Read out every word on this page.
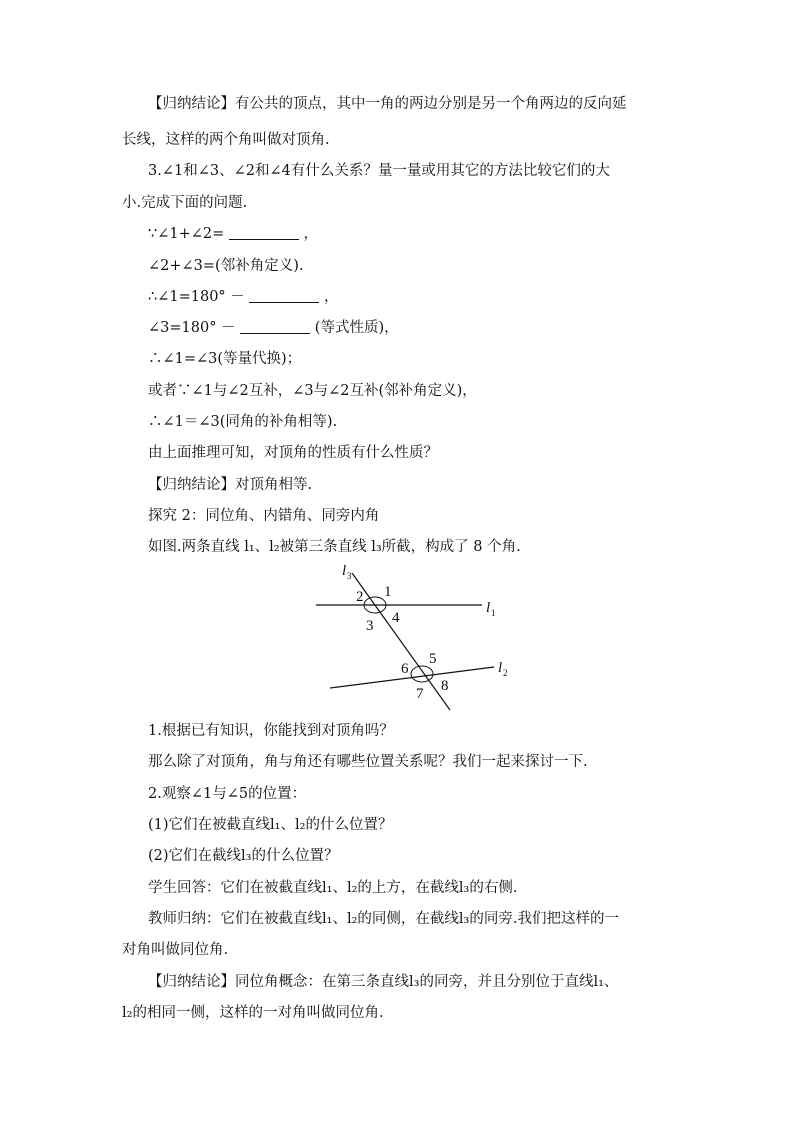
【归纳结论】有公共的顶点，其中一角的两边分别是另一个角两边的反向延
长线，这样的两个角叫做对顶角.
3.∠1和∠3、∠2和∠4有什么关系？量一量或用其它的方法比较它们的大
小.完成下面的问题.
∵∠1+∠2=	，
∠2+∠3=(邻补角定义).
∴∠1=180° －	，
∠3=180° －	(等式性质)，
∴∠1=∠3(等量代换)；
或者∵∠1与∠2互补，∠3与∠2互补(邻补角定义)，
∴∠1＝∠3(同角的补角相等).
由上面推理可知，对顶角的性质有什么性质？
【归纳结论】对顶角相等.
探究 2：同位角、内错角、同旁内角
如图.两条直线 l₁、l₂被第三条直线 l₃所截，构成了 8 个角.
l 3
l 1
l 2
1
2
3 4
5
6
7 8
1.根据已有知识，你能找到对顶角吗？
那么除了对顶角，角与角还有哪些位置关系呢？我们一起来探讨一下.
2.观察∠1与∠5的位置：
(1)它们在被截直线l₁、l₂的什么位置？
(2)它们在截线l₃的什么位置？
学生回答：它们在被截直线l₁、l₂的上方，在截线l₃的右侧.
教师归纳：它们在被截直线l₁、l₂的同侧，在截线l₃的同旁.我们把这样的一
对角叫做同位角.
【归纳结论】同位角概念：在第三条直线l₃的同旁，并且分别位于直线l₁、
l₂的相同一侧，这样的一对角叫做同位角.
